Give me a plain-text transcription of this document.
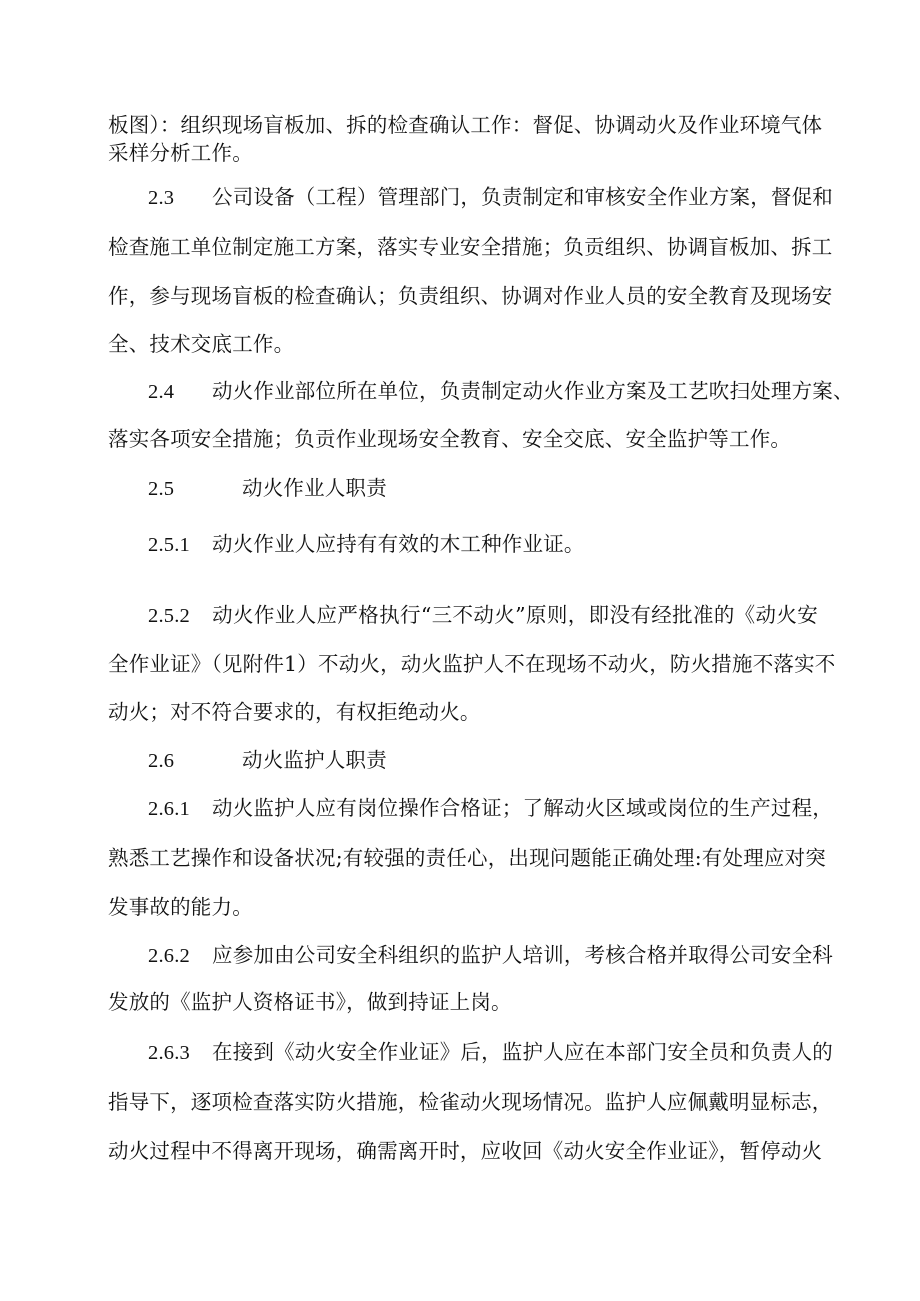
板图）：组织现场盲板加、拆的检查确认工作：督促、协调动火及作业环境气体
采样分析工作。
2.3 公司设备（工程）管理部门，负责制定和审核安全作业方案，督促和
检查施工单位制定施工方案，落实专业安全措施；负贡组织、协调盲板加、拆工
作，参与现场盲板的检查确认；负责组织、协调对作业人员的安全教育及现场安
全、技术交底工作。
2.4 动火作业部位所在单位，负责制定动火作业方案及工艺吹扫处理方案、
落实各项安全措施；负贡作业现场安全教育、安全交底、安全监护等工作。
2.5	动火作业人职责
2.5.1 动火作业人应持有有效的木工种作业证。
2.5.2 动火作业人应严格执行“三不动火”原则，即没有经批准的《动火安
全作业证》（见附件1）不动火，动火监护人不在现场不动火，防火措施不落实不
动火；对不符合要求的，有权拒绝动火。
2.6	动火监护人职责
2.6.1 动火监护人应有岗位操作合格证；了解动火区域或岗位的生产过程，
熟悉工艺操作和设备状况;有较强的责任心，出现问题能正确处理:有处理应对突
发事故的能力。
2.6.2 应参加由公司安全科组织的监护人培训，考核合格并取得公司安全科
发放的《监护人资格证书》，做到持证上岗。
2.6.3 在接到《动火安全作业证》后，监护人应在本部门安全员和负责人的
指导下，逐项检查落实防火措施，检雀动火现场情况。监护人应佩戴明显标志，
动火过程中不得离开现场，确需离开时，应收回《动火安全作业证》，暂停动火
